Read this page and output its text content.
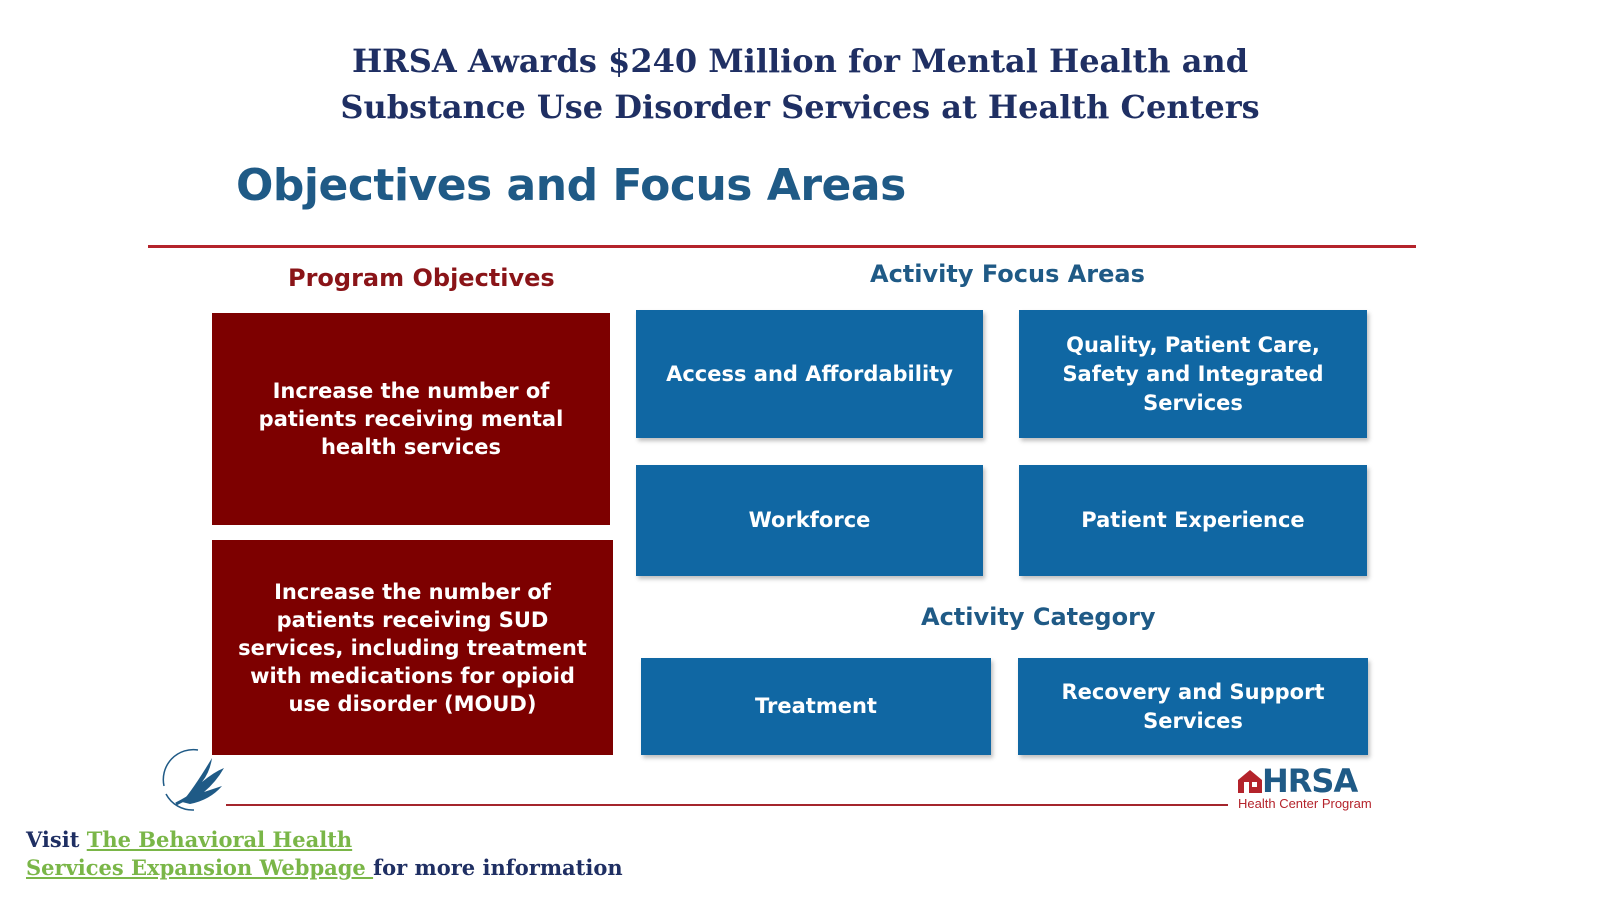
HRSA Awards $240 Million for Mental Health and
Substance Use Disorder Services at Health Centers
Objectives and Focus Areas
Program Objectives	Activity Focus Areas
Increase the number of patients receiving mental health services
Increase the number of patients receiving SUD services, including treatment with medications for opioid use disorder (MOUD)
Access and Affordability
Quality, Patient Care, Safety and Integrated Services
Workforce	Patient Experience
Activity Category
Treatment
Recovery and Support Services
HRSA
Health Center Program
Visit The Behavioral Health
Services Expansion Webpage for more information
